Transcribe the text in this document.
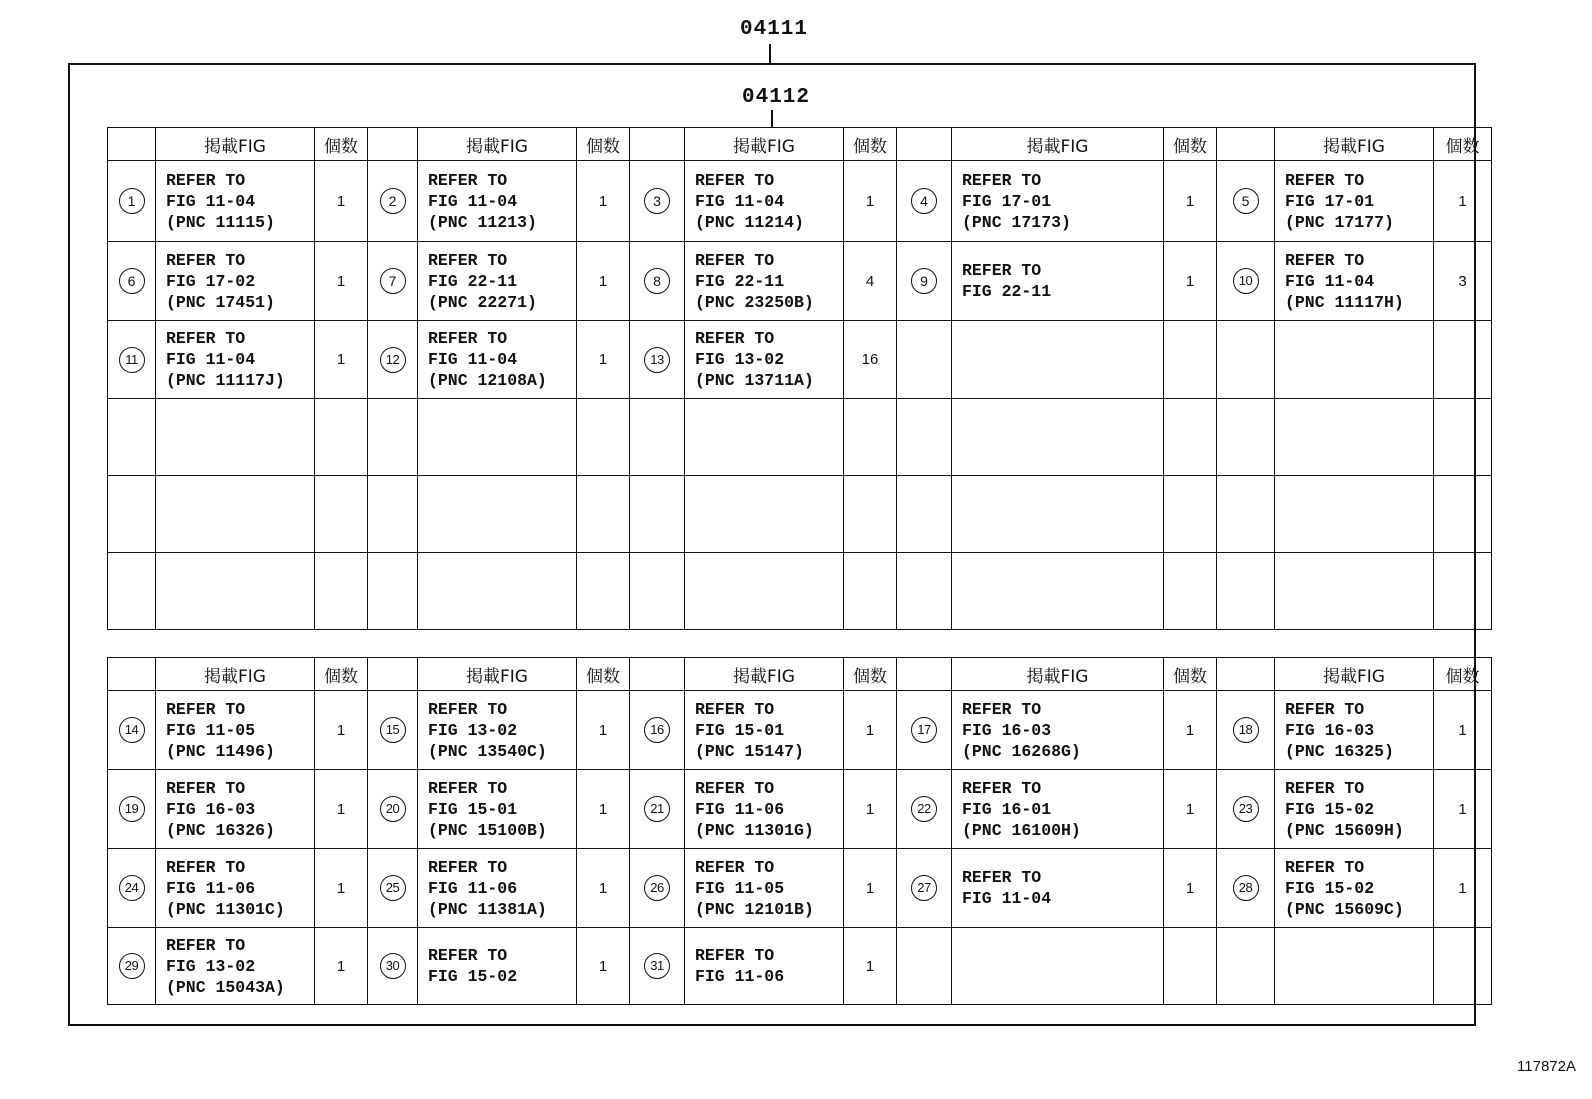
04111
04112
	掲載FIG	個数		掲載FIG	個数		掲載FIG	個数		掲載FIG	個数		掲載FIG	個数
1	REFER TO
FIG 11-04
(PNC 11115)	1	2	REFER TO
FIG 11-04
(PNC 11213)	1	3	REFER TO
FIG 11-04
(PNC 11214)	1	4	REFER TO
FIG 17-01
(PNC 17173)	1	5	REFER TO
FIG 17-01
(PNC 17177)	1
6	REFER TO
FIG 17-02
(PNC 17451)	1	7	REFER TO
FIG 22-11
(PNC 22271)	1	8	REFER TO
FIG 22-11
(PNC 23250B)	4	9	REFER TO
FIG 22-11	1	10	REFER TO
FIG 11-04
(PNC 11117H)	3
11	REFER TO
FIG 11-04
(PNC 11117J)	1	12	REFER TO
FIG 11-04
(PNC 12108A)	1	13	REFER TO
FIG 13-02
(PNC 13711A)	16						

	掲載FIG	個数		掲載FIG	個数		掲載FIG	個数		掲載FIG	個数		掲載FIG	個数
14	REFER TO
FIG 11-05
(PNC 11496)	1	15	REFER TO
FIG 13-02
(PNC 13540C)	1	16	REFER TO
FIG 15-01
(PNC 15147)	1	17	REFER TO
FIG 16-03
(PNC 16268G)	1	18	REFER TO
FIG 16-03
(PNC 16325)	1
19	REFER TO
FIG 16-03
(PNC 16326)	1	20	REFER TO
FIG 15-01
(PNC 15100B)	1	21	REFER TO
FIG 11-06
(PNC 11301G)	1	22	REFER TO
FIG 16-01
(PNC 16100H)	1	23	REFER TO
FIG 15-02
(PNC 15609H)	1
24	REFER TO
FIG 11-06
(PNC 11301C)	1	25	REFER TO
FIG 11-06
(PNC 11381A)	1	26	REFER TO
FIG 11-05
(PNC 12101B)	1	27	REFER TO
FIG 11-04	1	28	REFER TO
FIG 15-02
(PNC 15609C)	1
29	REFER TO
FIG 13-02
(PNC 15043A)	1	30	REFER TO
FIG 15-02	1	31	REFER TO
FIG 11-06	1						
117872A
